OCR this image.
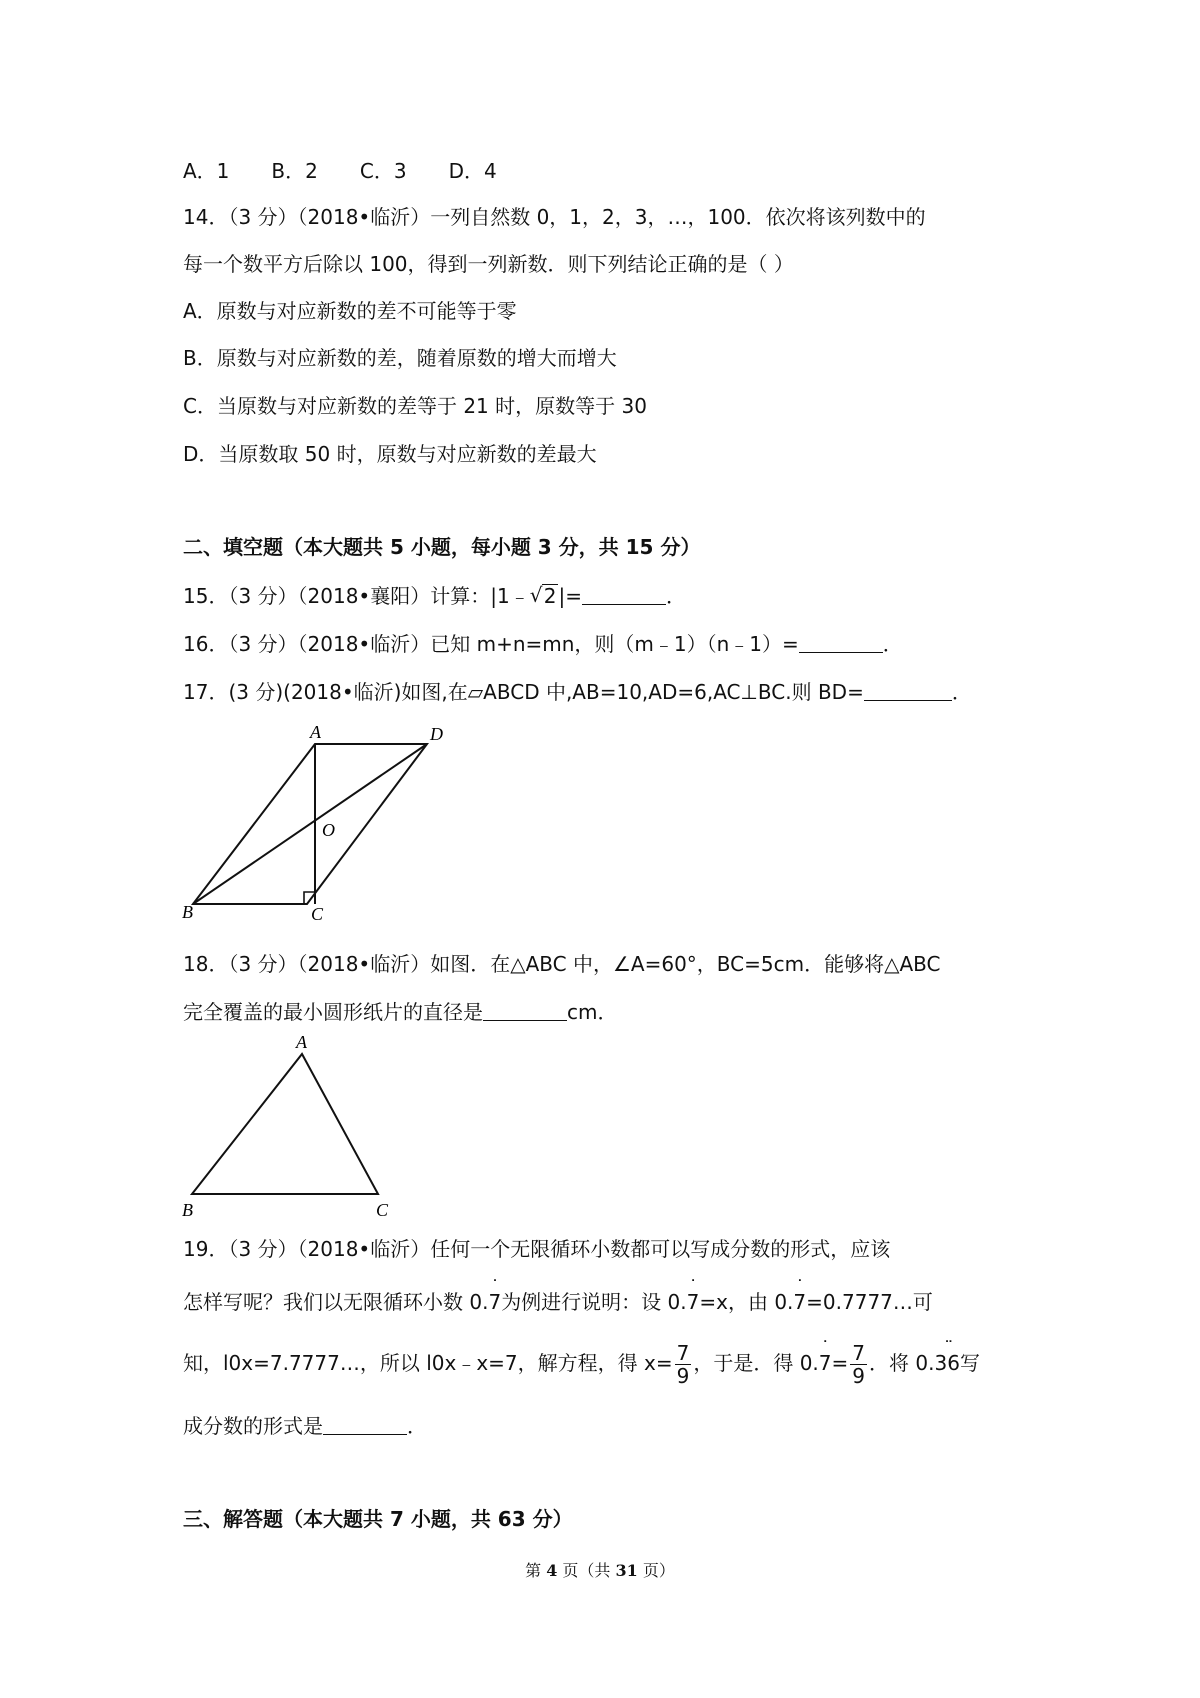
A．1 B．2 C．3 D．4
14．（3 分）（2018•临沂）一列自然数 0，1，2，3，…，100．依次将该列数中的
每一个数平方后除以 100，得到一列新数．则下列结论正确的是（ ）
A．原数与对应新数的差不可能等于零
B．原数与对应新数的差，随着原数的增大而增大
C．当原数与对应新数的差等于 21 时，原数等于 30
D．当原数取 50 时，原数与对应新数的差最大
二、填空题（本大题共 5 小题，每小题 3 分，共 15 分）
15．（3 分）（2018•襄阳）计算：|1﹣ √ 2 |=	．
16．（3 分）（2018•临沂）已知 m+n=mn，则（m﹣1）（n﹣1）=	．
17．(3 分)(2018•临沂)如图,在▱ABCD 中,AB=10,AD=6,AC⊥BC.则 BD=	．
A	D
O
B	C
18．（3 分）（2018•临沂）如图．在△ABC 中，∠A=60°，BC=5cm．能够将△ABC
完全覆盖的最小圆形纸片的直径是	cm．
A
B	C
19．（3 分）（2018•临沂）任何一个无限循环小数都可以写成分数的形式，应该
怎样写呢？我们以无限循环小数 0.˙ 7为例进行说明：设 0.˙ 7=x，由 0.˙ 7=0.7777…可
知，l0x=7.7777…，所以 l0x﹣x=7，解方程，得 $x= \frac{7}{9}$ ，于是．得 0.˙ $7= \frac{7}{9}$ ．将 0.3¨ 6写
成分数的形式是	．
三、解答题（本大题共 7 小题，共 63 分）
第 4 页（共 31 页）
